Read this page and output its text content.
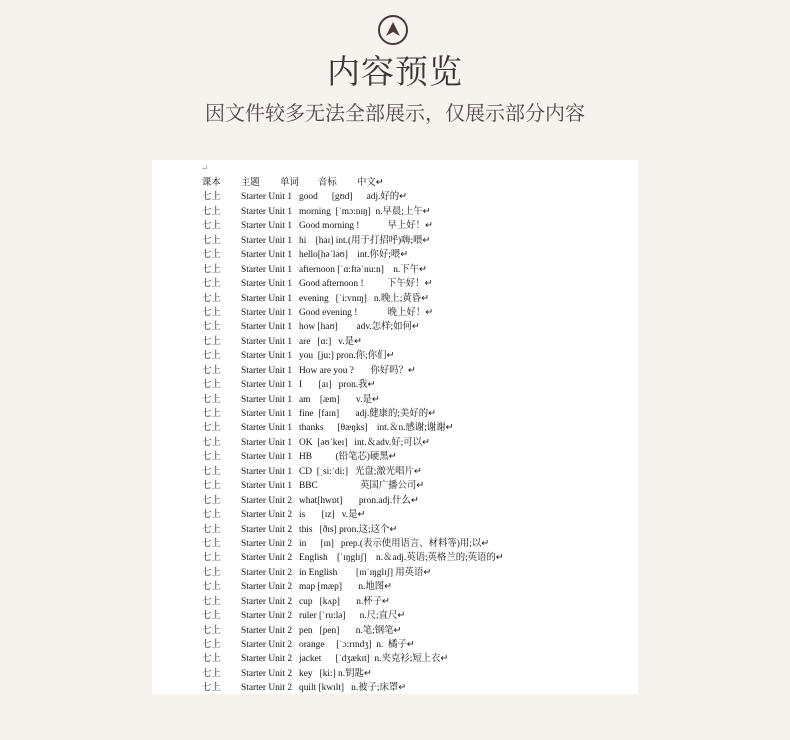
内容预览
因文件较多无法全部展示，仅展示部分内容
↵
课本 主题 单词 音标 中文↵
七上 Starter Unit 1 good      [gʊd]      adj.好的↵
七上 Starter Unit 1 morning  [ˈmɔ:nɪŋ]  n.早晨;上午↵
七上 Starter Unit 1 Good morning !            早上好！↵
七上 Starter Unit 1 hi    [haɪ] int.(用于打招呼)嗨;喂↵
七上 Starter Unit 1 hello[həˈləʊ]    int.你好;喂↵
七上 Starter Unit 1 afternoon [ˈɑ:ftəˈnu:n]    n.下午↵
七上 Starter Unit 1 Good afternoon !          下午好！↵
七上 Starter Unit 1 evening   [ˈi:vnɪŋ]   n.晚上;黄昏↵
七上 Starter Unit 1 Good evening !             晚上好！↵
七上 Starter Unit 1 how [haʊ]        adv.怎样;如何↵
七上 Starter Unit 1 are   [ɑ:]   v.是↵
七上 Starter Unit 1 you  [ju:] pron.你;你们↵
七上 Starter Unit 1 How are you ?       你好吗？↵
七上 Starter Unit 1 I       [aɪ]   pron.我↵
七上 Starter Unit 1 am    [æm]       v.是↵
七上 Starter Unit 1 fine  [faɪn]       adj.健康的;美好的↵
七上 Starter Unit 1 thanks      [θæŋks]    int.＆n.感谢;谢谢↵
七上 Starter Unit 1 OK  [əʊˈkeɪ]   int.＆adv.好;可以↵
七上 Starter Unit 1 HB          (铅笔芯)硬黑↵
七上 Starter Unit 1 CD  [ˌsi:ˈdi:]   光盘;激光唱片↵
七上 Starter Unit 1 BBC                  英国广播公司↵
七上 Starter Unit 2 what[hwɒt]       pron.adj.什么↵
七上 Starter Unit 2 is       [ɪz]   v.是↵
七上 Starter Unit 2 this   [ðɪs] pron.这;这个↵
七上 Starter Unit 2 in      [ɪn]   prep.(表示使用语言、材料等)用;以↵
七上 Starter Unit 2 English    [ˈɪŋglɪʃ]    n.＆adj.英语;英格兰的;英语的↵
七上 Starter Unit 2 in English        [ɪnˈɪŋglɪʃ] 用英语↵
七上 Starter Unit 2 map [mæp]       n.地图↵
七上 Starter Unit 2 cup   [kʌp]       n.杯子↵
七上 Starter Unit 2 ruler [ˈru:lə]      n.尺;直尺↵
七上 Starter Unit 2 pen   [pen]       n.笔;钢笔↵
七上 Starter Unit 2 orange     [ˈɔ:rɪndʒ]  n.  橘子↵
七上 Starter Unit 2 jacket      [ˈdʒækɪt]  n.夹克衫;短上衣↵
七上 Starter Unit 2 key   [ki:] n.钥匙↵
七上 Starter Unit 2 quilt [kwɪlt]   n.被子;床罩↵
